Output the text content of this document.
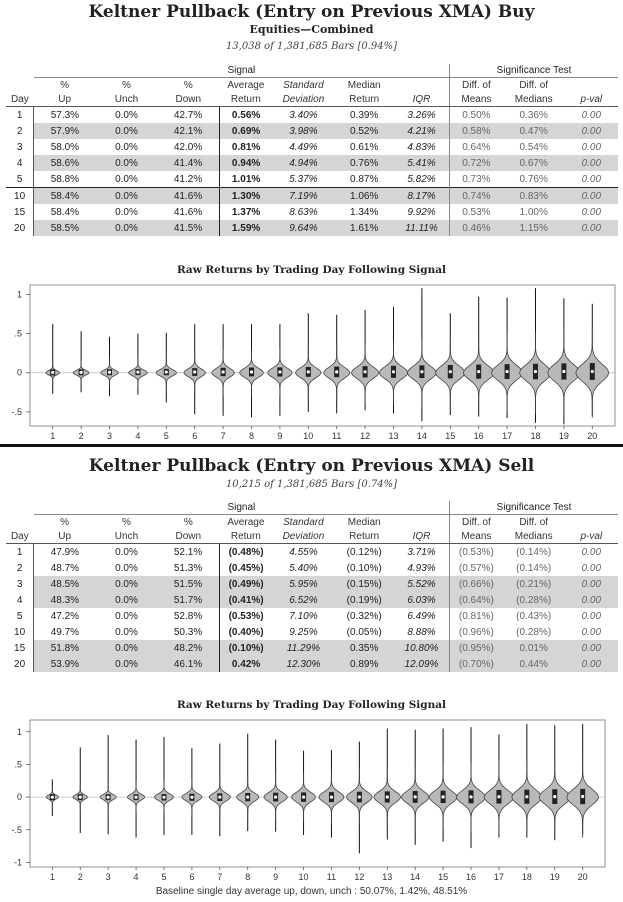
Keltner Pullback (Entry on Previous XMA) Buy
Equities—Combined
13,038 of 1,381,685 Bars [0.94%]
	Signal							Significance Test		
	%	%	%	Average	Standard	Median		Diff. of	Diff. of	
Day	Up	Unch	Down	Return	Deviation	Return	IQR	Means	Medians	p-val
1	57.3%	0.0%	42.7%	0.56%	3.40%	0.39%	3.26%	0.50%	0.36%	0.00
2	57.9%	0.0%	42.1%	0.69%	3.98%	0.52%	4.21%	0.58%	0.47%	0.00
3	58.0%	0.0%	42.0%	0.81%	4.49%	0.61%	4.83%	0.64%	0.54%	0.00
4	58.6%	0.0%	41.4%	0.94%	4.94%	0.76%	5.41%	0.72%	0.67%	0.00
5	58.8%	0.0%	41.2%	1.01%	5.37%	0.87%	5.82%	0.73%	0.76%	0.00
10	58.4%	0.0%	41.6%	1.30%	7.19%	1.06%	8.17%	0.74%	0.83%	0.00
15	58.4%	0.0%	41.6%	1.37%	8.63%	1.34%	9.92%	0.53%	1.00%	0.00
20	58.5%	0.0%	41.5%	1.59%	9.64%	1.61%	11.11%	0.46%	1.15%	0.00
Raw Returns by Trading Day Following Signal
1
.5
0
-.5
1	2	3	4	5	6	7	8	9 10 11 12 13 14 15 16 17 18 19 20
Keltner Pullback (Entry on Previous XMA) Sell
10,215 of 1,381,685 Bars [0.74%]
	Signal							Significance Test		
	%	%	%	Average	Standard	Median		Diff. of	Diff. of	
Day	Up	Unch	Down	Return	Deviation	Return	IQR	Means	Medians	p-val
1	47.9%	0.0%	52.1%	(0.48%)	4.55%	(0.12%)	3.71%	(0.53%)	(0.14%)	0.00
2	48.7%	0.0%	51.3%	(0.45%)	5.40%	(0.10%)	4.93%	(0.57%)	(0.14%)	0.00
3	48.5%	0.0%	51.5%	(0.49%)	5.95%	(0.15%)	5.52%	(0.66%)	(0.21%)	0.00
4	48.3%	0.0%	51.7%	(0.41%)	6.52%	(0.19%)	6.03%	(0.64%)	(0.28%)	0.00
5	47.2%	0.0%	52.8%	(0.53%)	7.10%	(0.32%)	6.49%	(0.81%)	(0.43%)	0.00
10	49.7%	0.0%	50.3%	(0.40%)	9.25%	(0.05%)	8.88%	(0.96%)	(0.28%)	0.00
15	51.8%	0.0%	48.2%	(0.10%)	11.29%	0.35%	10.80%	(0.95%)	0.01%	0.00
20	53.9%	0.0%	46.1%	0.42%	12.30%	0.89%	12.09%	(0.70%)	0.44%	0.00
Raw Returns by Trading Day Following Signal
1
.5
0
-.5
-1
1	2	3	4	5	6	7	8	9 10 11 12 13 14 15 16 17 18 19 20
Baseline single day average up, down, unch : 50.07%, 1.42%, 48.51%
